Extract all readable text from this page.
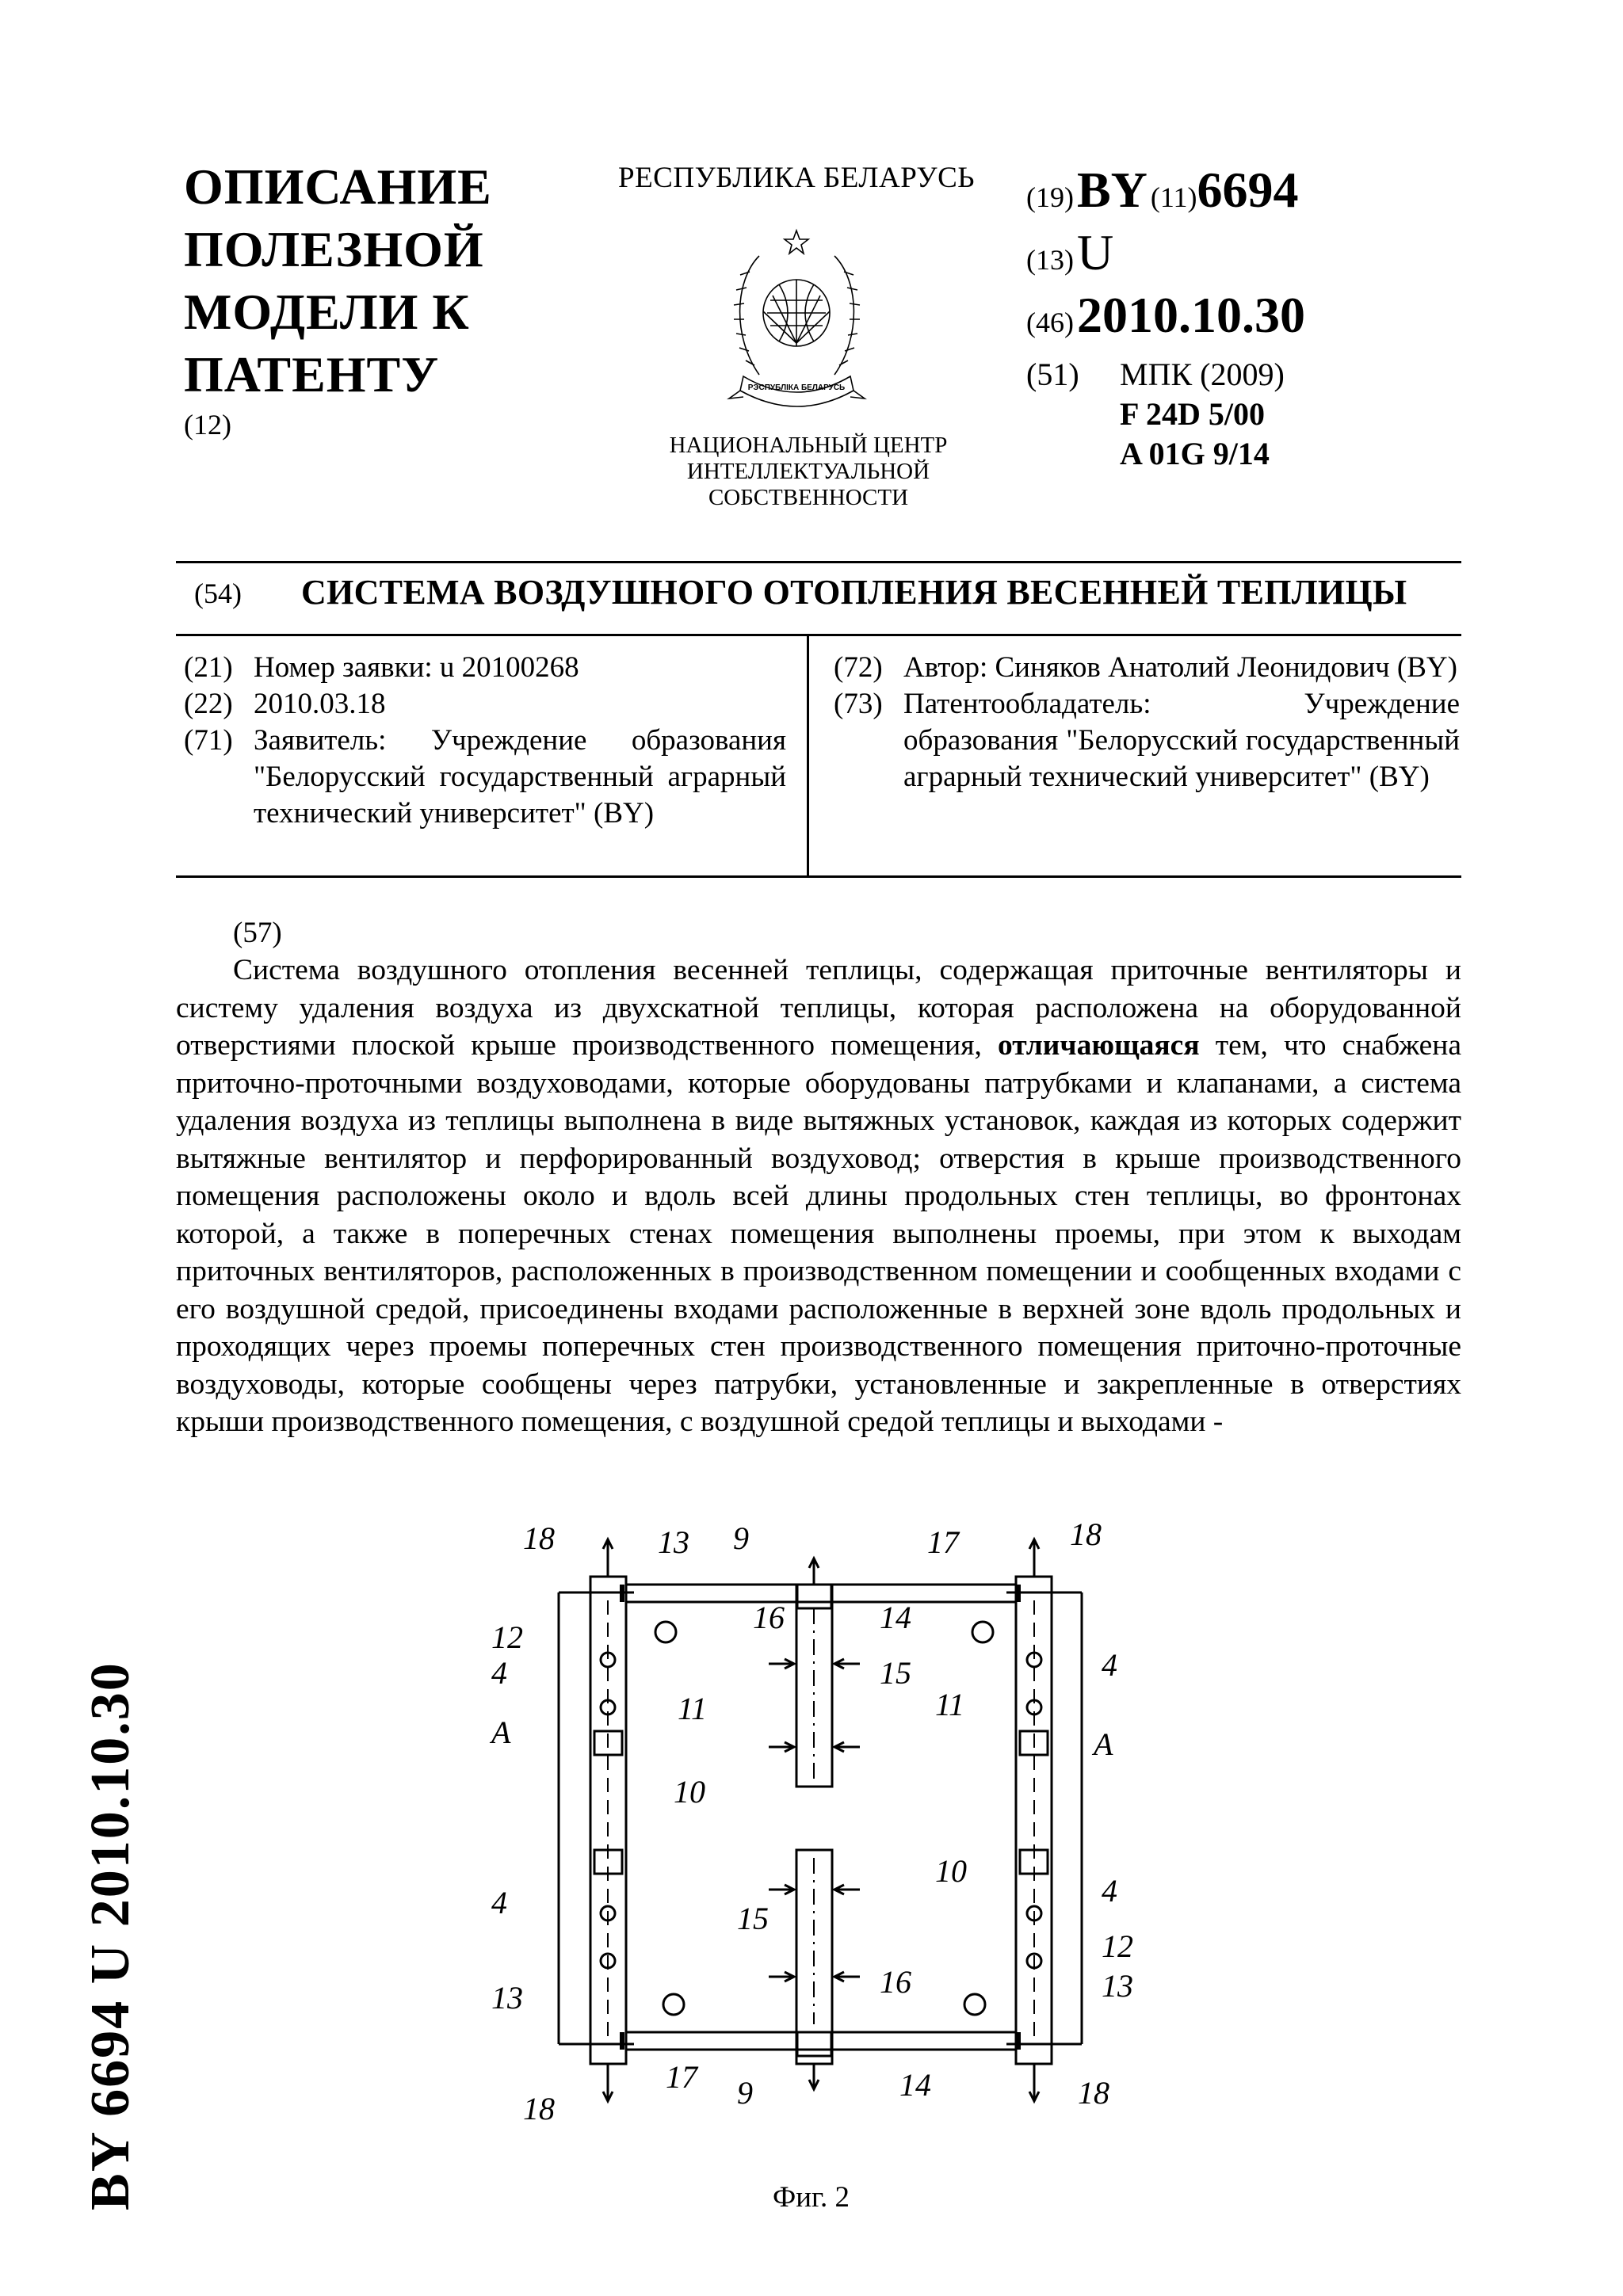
ОПИСАНИЕ
ПОЛЕЗНОЙ
МОДЕЛИ К
ПАТЕНТУ
(12)
РЕСПУБЛИКА БЕЛАРУСЬ
РЭСПУБЛІКА БЕЛАРУСЬ
НАЦИОНАЛЬНЫЙ ЦЕНТР
ИНТЕЛЛЕКТУАЛЬНОЙ
СОБСТВЕННОСТИ
(19) BY (11)6694
(13) U
(46) 2010.10.30
(51) МПК (2009)
F 24D 5/00
A 01G 9/14
(54) СИСТЕМА ВОЗДУШНОГО ОТОПЛЕНИЯ ВЕСЕННЕЙ ТЕПЛИЦЫ
(21) Номер заявки: u 20100268
(22) 2010.03.18
(71) Заявитель: Учреждение образования "Белорусский государственный аграрный технический университет" (BY)
(72) Автор: Синяков Анатолий Леонидович (BY)
(73) Патентообладатель: Учреждение образования "Белорусский государственный аграрный технический университет" (BY)
(57)
Система воздушного отопления весенней теплицы, содержащая приточные вентиляторы и систему удаления воздуха из двухскатной теплицы, которая расположена на оборудованной отверстиями плоской крыше производственного помещения, отличающаяся тем, что снабжена приточно-проточными воздуховодами, которые оборудованы патрубками и клапанами, а система удаления воздуха из теплицы выполнена в виде вытяжных установок, каждая из которых содержит вытяжные вентилятор и перфорированный воздуховод; отверстия в крыше производственного помещения расположены около и вдоль всей длины продольных стен теплицы, во фронтонах которой, а также в поперечных стенах помещения выполнены проемы, при этом к выходам приточных вентиляторов, расположенных в производственном помещении и сообщенных входами с его воздушной средой, присоединены входами расположенные в верхней зоне вдоль продольных и проходящих через проемы поперечных стен производственного помещения приточно-проточные воздуховоды, которые сообщены через патрубки, установленные и закрепленные в отверстиях крыши производственного помещения, с воздушной средой теплицы и выходами -
18	13 9	17	18
12
16	14
4	15
11	11
4
A	A
10
10
4	15
4
12
16
13	13
18
17 9	14	18
Фиг. 2
BY 6694 U 2010.10.30
